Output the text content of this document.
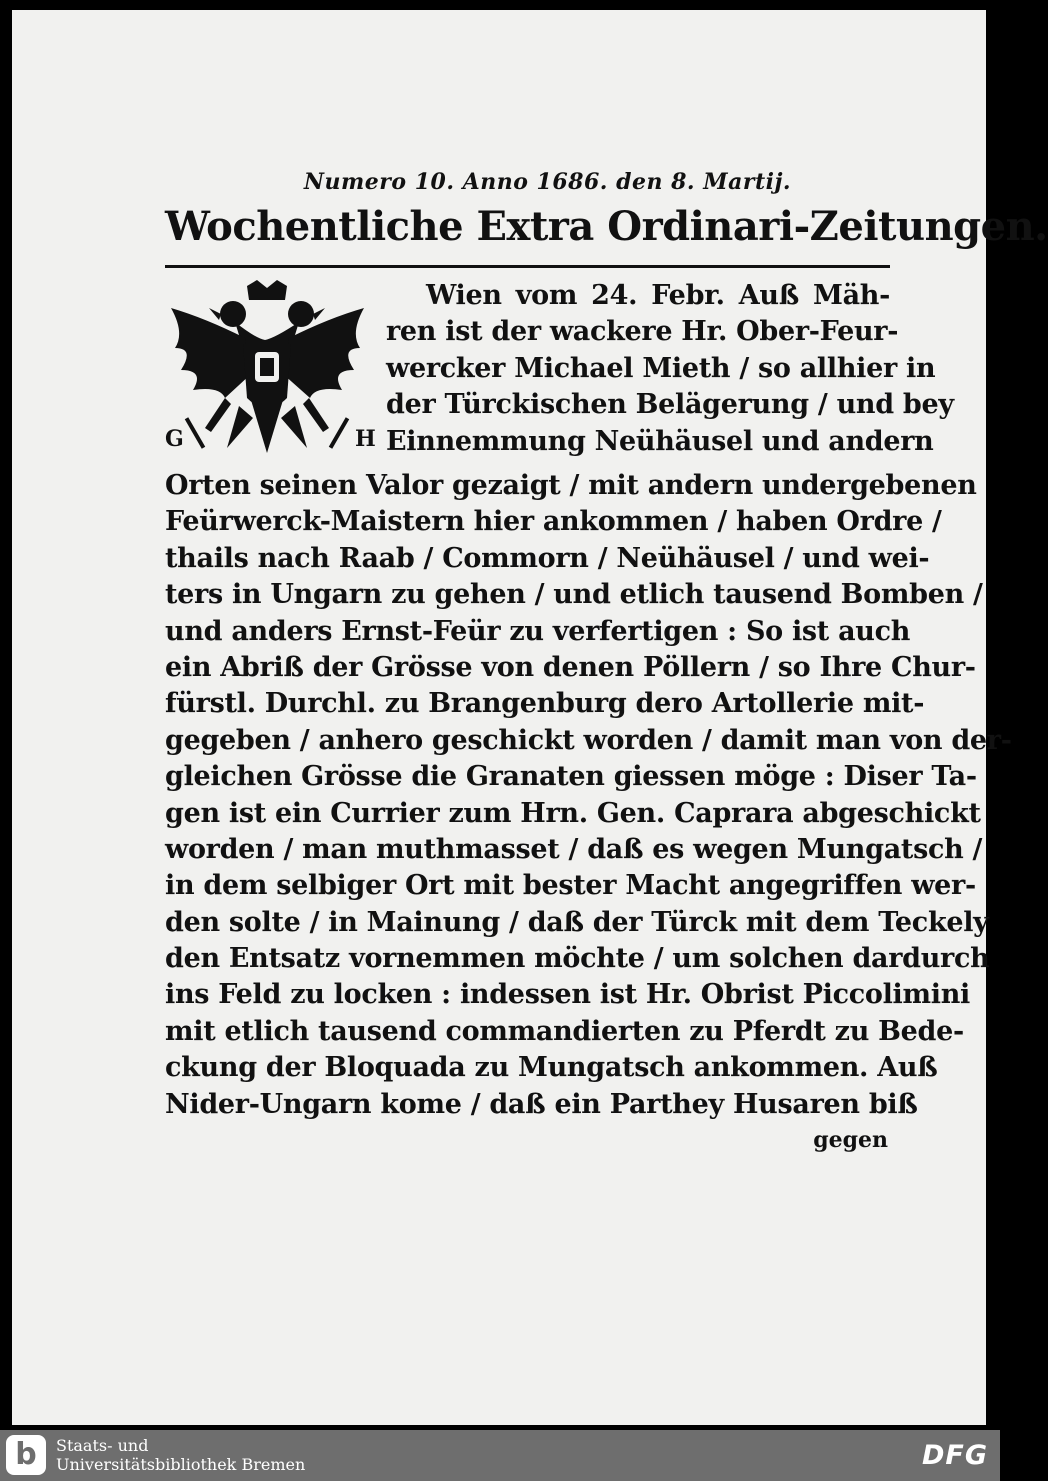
Numero 10. Anno 1686. den 8. Martij.
Wochentliche Extra Ordinari-Zeitungen.
G	H
Wien vom 24. Febr. Auß Mäh-
ren ist der wackere Hr. Ober-Feur-
wercker Michael Mieth / so allhier in
der Türckischen Belägerung / und bey
Einnemmung Neühäusel und andern
Orten seinen Valor gezaigt / mit andern undergebenen
Feürwerck-Maistern hier ankommen / haben Ordre /
thails nach Raab / Commorn / Neühäusel / und wei-
ters in Ungarn zu gehen / und etlich tausend Bomben /
und anders Ernst-Feür zu verfertigen : So ist auch
ein Abriß der Grösse von denen Pöllern / so Ihre Chur-
fürstl. Durchl. zu Brangenburg dero Artollerie mit-
gegeben / anhero geschickt worden / damit man von der-
gleichen Grösse die Granaten giessen möge : Diser Ta-
gen ist ein Currier zum Hrn. Gen. Caprara abgeschickt
worden / man muthmasset / daß es wegen Mungatsch /
in dem selbiger Ort mit bester Macht angegriffen wer-
den solte / in Mainung / daß der Türck mit dem Teckely
den Entsatz vornemmen möchte / um solchen dardurch
ins Feld zu locken : indessen ist Hr. Obrist Piccolimini
mit etlich tausend commandierten zu Pferdt zu Bede-
ckung der Bloquada zu Mungatsch ankommen. Auß
Nider-Ungarn kome / daß ein Parthey Husaren biß
gegen
b	Staats- und
Universitätsbibliothek Bremen	DFG
